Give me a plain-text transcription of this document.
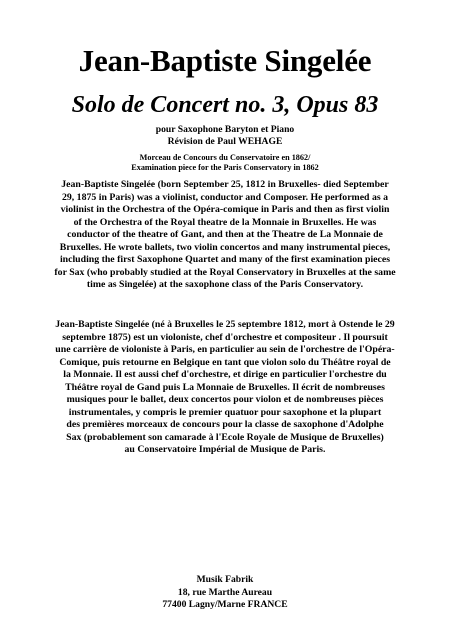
Jean-Baptiste Singelée
Solo de Concert no. 3, Opus 83
pour Saxophone Baryton et Piano
Révision de Paul WEHAGE
Morceau de Concours du Conservatoire en 1862/
Examination piece for the Paris Conservatory in 1862
Jean-Baptiste Singelée (born September 25, 1812 in Bruxelles- died September
29, 1875 in Paris) was a violinist, conductor and Composer. He performed as a
violinist in the Orchestra of the Opéra-comique in Paris and then as first violin
of the Orchestra of the Royal theatre de la Monnaie in Bruxelles. He was
conductor of the theatre of Gant, and then at the Theatre de La Monnaie de
Bruxelles. He wrote ballets, two violin concertos and many instrumental pieces,
including the first Saxophone Quartet and many of the first examination pieces
for Sax (who probably studied at the Royal Conservatory in Bruxelles at the same
time as Singelée) at the saxophone class of the Paris Conservatory.
Jean-Baptiste Singelée (né à Bruxelles le 25 septembre 1812, mort à Ostende le 29
septembre 1875) est un violoniste, chef d'orchestre et compositeur . Il poursuit
une carrière de violoniste à Paris, en particulier au sein de l'orchestre de l'Opéra-
Comique, puis retourne en Belgique en tant que violon solo du Théâtre royal de
la Monnaie. Il est aussi chef d'orchestre, et dirige en particulier l'orchestre du
Théâtre royal de Gand puis La Monnaie de Bruxelles. Il écrit de nombreuses
musiques pour le ballet, deux concertos pour violon et de nombreuses pièces
instrumentales, y compris le premier quatuor pour saxophone et la plupart
des premières morceaux de concours pour la classe de saxophone d'Adolphe
Sax (probablement son camarade à l'Ecole Royale de Musique de Bruxelles)
au Conservatoire Impérial de Musique de Paris.
Musik Fabrik
18, rue Marthe Aureau
77400 Lagny/Marne FRANCE
